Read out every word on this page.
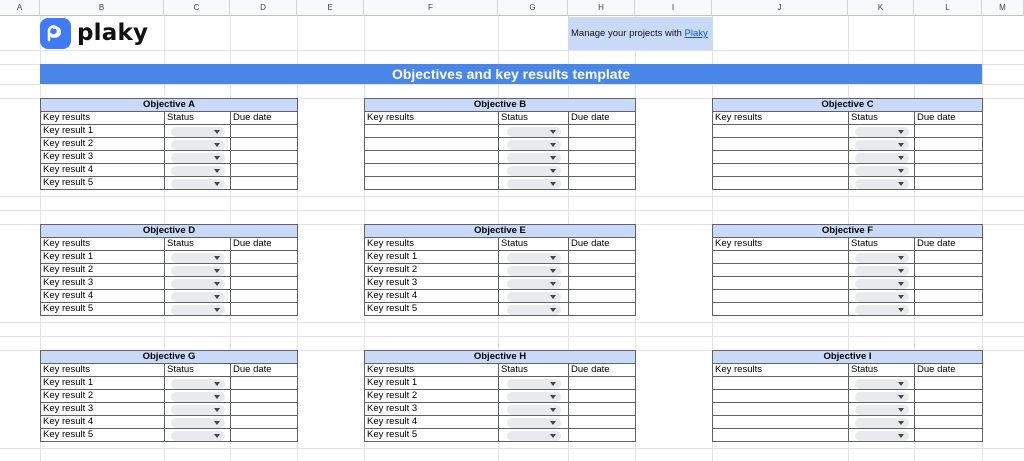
A	B	C	D	E	F	G	H	I	J	K	L	M
plaky	Manage your projects with Plaky
Objectives and key results template
Objective A		
Key results	Status	Due date
Key result 1	

Key result 2	

Key result 3	

Key result 4	

Key result 5	

Objective B		
Key results	Status	Due date

Objective C		
Key results	Status	Due date

Objective D		
Key results	Status	Due date
Key result 1	

Key result 2	

Key result 3	

Key result 4	

Key result 5	

Objective E		
Key results	Status	Due date
Key result 1	

Key result 2	

Key result 3	

Key result 4	

Key result 5	

Objective F		
Key results	Status	Due date

Objective G		
Key results	Status	Due date
Key result 1	

Key result 2	

Key result 3	

Key result 4	

Key result 5	

Objective H		
Key results	Status	Due date
Key result 1	

Key result 2	

Key result 3	

Key result 4	

Key result 5	

Objective I		
Key results	Status	Due date
